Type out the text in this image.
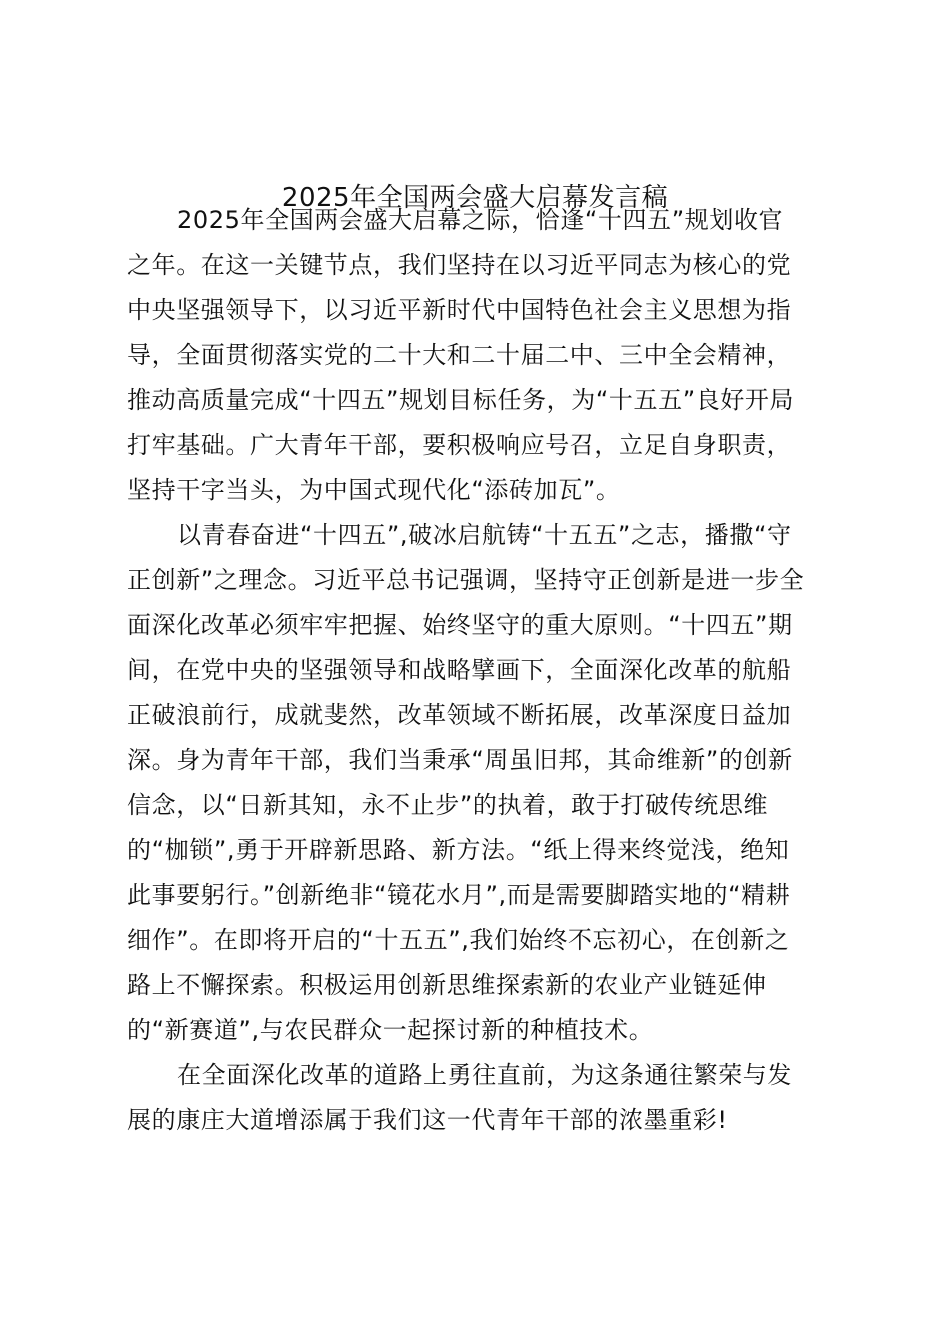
2025年全国两会盛大启幕发言稿
2025年全国两会盛大启幕之际，恰逢“十四五”规划收官
之年。在这一关键节点，我们坚持在以习近平同志为核心的党
中央坚强领导下，以习近平新时代中国特色社会主义思想为指
导，全面贯彻落实党的二十大和二十届二中、三中全会精神，
推动高质量完成“十四五”规划目标任务，为“十五五”良好开局
打牢基础。广大青年干部，要积极响应号召，立足自身职责，
坚持干字当头，为中国式现代化“添砖加瓦”。
以青春奋进“十四五”,破冰启航铸“十五五”之志，播撒“守
正创新”之理念。习近平总书记强调，坚持守正创新是进一步全
面深化改革必须牢牢把握、始终坚守的重大原则。“十四五”期
间，在党中央的坚强领导和战略擘画下，全面深化改革的航船
正破浪前行，成就斐然，改革领域不断拓展，改革深度日益加
深。身为青年干部，我们当秉承“周虽旧邦，其命维新”的创新
信念，以“日新其知，永不止步”的执着，敢于打破传统思维
的“枷锁”,勇于开辟新思路、新方法。“纸上得来终觉浅，绝知
此事要躬行。”创新绝非“镜花水月”,而是需要脚踏实地的“精耕
细作”。在即将开启的“十五五”,我们始终不忘初心，在创新之
路上不懈探索。积极运用创新思维探索新的农业产业链延伸
的“新赛道”,与农民群众一起探讨新的种植技术。
在全面深化改革的道路上勇往直前，为这条通往繁荣与发
展的康庄大道增添属于我们这一代青年干部的浓墨重彩!
